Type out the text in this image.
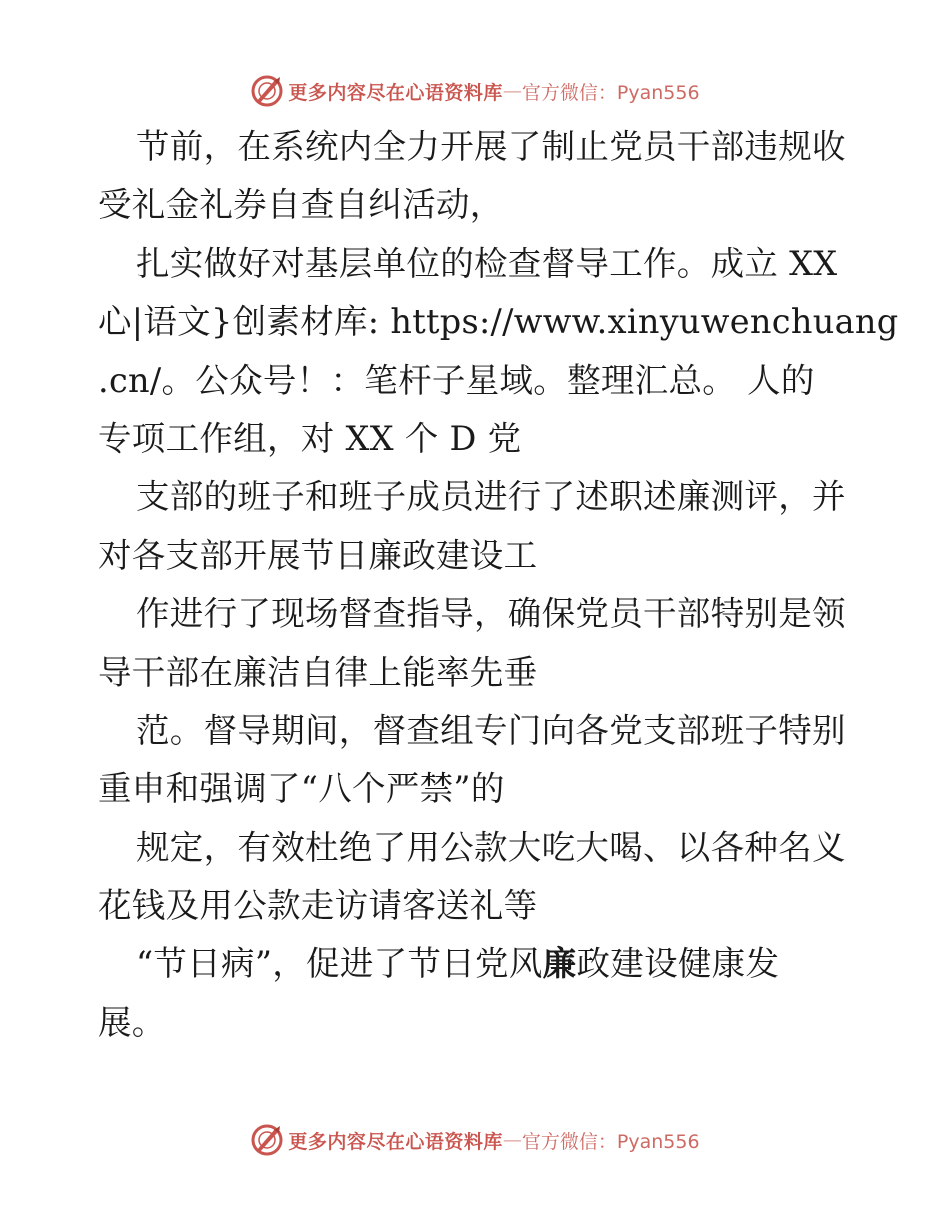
更多内容尽在心语资料库 — 官方微信：Pyan556
节前，在系统内全力开展了制止党员干部违规收
受礼金礼券自查自纠活动，
扎实做好对基层单位的检查督导工作。成立 XX
心|语文}创素材库: https://www.xinyuwenchuang
.cn/。公众号！：笔杆子星域。整理汇总。 人的
专项工作组，对 XX 个 D 党
支部的班子和班子成员进行了述职述廉测评，并
对各支部开展节日廉政建设工
作进行了现场督查指导，确保党员干部特别是领
导干部在廉洁自律上能率先垂
范。督导期间，督查组专门向各党支部班子特别
重申和强调了“八个严禁”的
规定，有效杜绝了用公款大吃大喝、以各种名义
花钱及用公款走访请客送礼等
“节日病”，促进了节日党风廉政建设健康发
展。
更多内容尽在心语资料库 — 官方微信：Pyan556
